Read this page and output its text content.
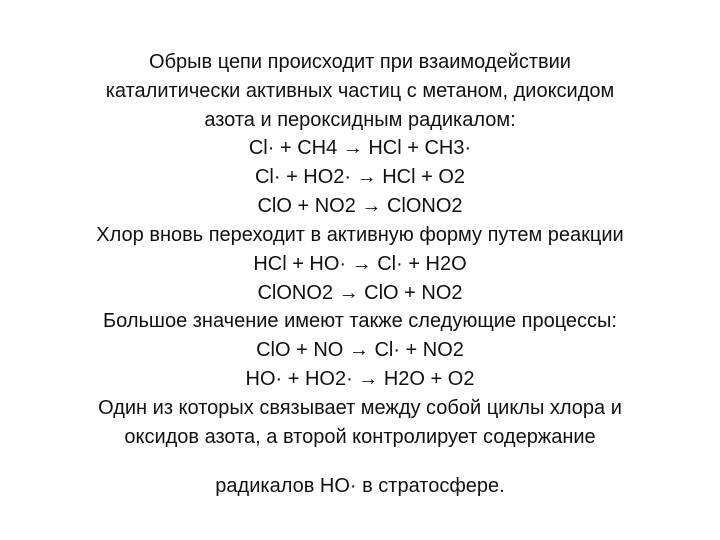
Обрыв цепи происходит при взаимодействии
каталитически активных частиц с метаном, диоксидом
азота и пероксидным радикалом:
Cl· + CH4 → HCl + CH3·
Cl· + HO2· → HCl + O2
ClO + NO2 → ClONO2
Хлор вновь переходит в активную форму путем реакции
HCl + HO· → Cl· + H2O
ClONO2 → ClO + NO2
Большое значение имеют также следующие процессы:
ClO + NO → Cl· + NO2
HO· + HO2· → H2O + O2
Один из которых связывает между собой циклы хлора и
оксидов азота, а второй контролирует содержание
радикалов HO· в стратосфере.
